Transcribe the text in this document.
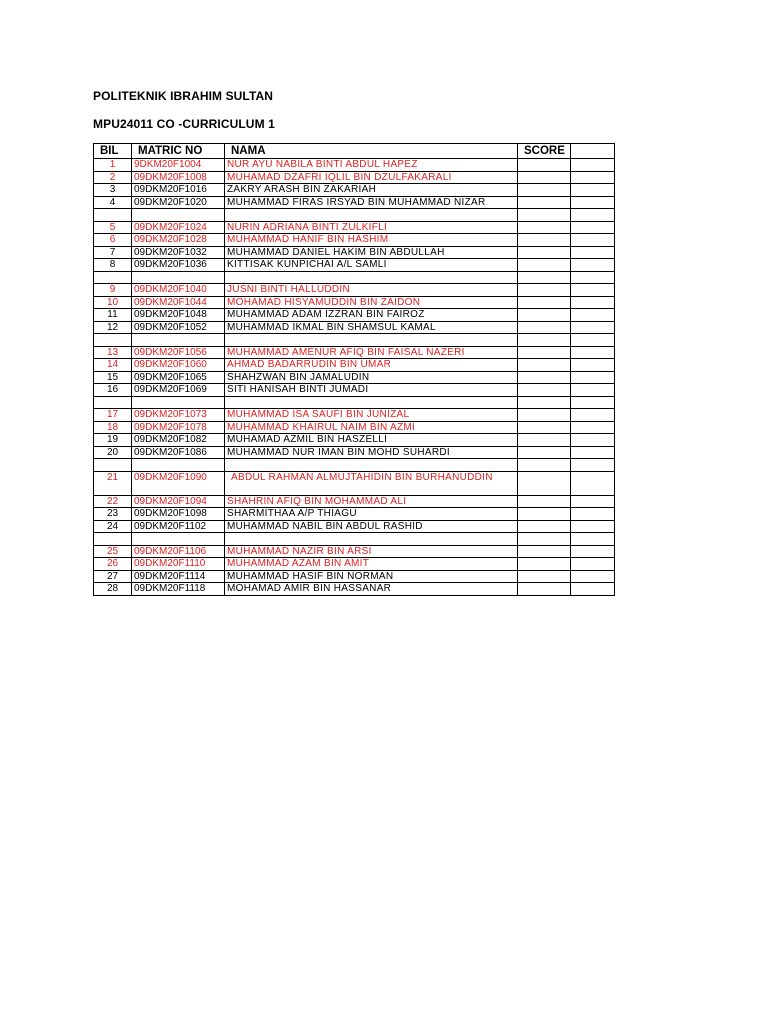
POLITEKNIK IBRAHIM SULTAN
MPU24011 CO -CURRICULUM 1
BIL	MATRIC NO	NAMA	SCORE	
1	9DKM20F1004	NUR AYU NABILA BINTI ABDUL HAPEZ		
2	09DKM20F1008	MUHAMAD DZAFRI IQLIL BIN DZULFAKARALI		
3	09DKM20F1016	ZAKRY ARASH BIN ZAKARIAH		
4	09DKM20F1020	MUHAMMAD FIRAS IRSYAD BIN MUHAMMAD NIZAR		

5	09DKM20F1024	NURIN ADRIANA BINTI ZULKIFLI		
6	09DKM20F1028	MUHAMMAD HANIF BIN HASHIM		
7	09DKM20F1032	MUHAMMAD DANIEL HAKIM BIN ABDULLAH		
8	09DKM20F1036	KITTISAK KUNPICHAI A/L SAMLI		

9	09DKM20F1040	JUSNI BINTI HALLUDDIN		
10	09DKM20F1044	MOHAMAD HISYAMUDDIN BIN ZAIDON		
11	09DKM20F1048	MUHAMMAD ADAM IZZRAN BIN FAIROZ		
12	09DKM20F1052	MUHAMMAD IKMAL BIN SHAMSUL KAMAL		

13	09DKM20F1056	MUHAMMAD AMENUR AFIQ BIN FAISAL NAZERI		
14	09DKM20F1060	AHMAD BADARRUDIN BIN UMAR		
15	09DKM20F1065	SHAHZWAN BIN JAMALUDIN		
16	09DKM20F1069	SITI HANISAH BINTI JUMADI		

17	09DKM20F1073	MUHAMMAD ISA SAUFI BIN JUNIZAL		
18	09DKM20F1078	MUHAMMAD KHAIRUL NAIM BIN AZMI		
19	09DKM20F1082	MUHAMAD AZMIL BIN HASZELLI		
20	09DKM20F1086	MUHAMMAD NUR IMAN BIN MOHD SUHARDI		

21	09DKM20F1090	ABDUL RAHMAN ALMUJTAHIDIN BIN BURHANUDDIN		
22	09DKM20F1094	SHAHRIN AFIQ BIN MOHAMMAD ALI		
23	09DKM20F1098	SHARMITHAA A/P THIAGU		
24	09DKM20F1102	MUHAMMAD NABIL BIN ABDUL RASHID		

25	09DKM20F1106	MUHAMMAD NAZIR BIN ARSI		
26	09DKM20F1110	MUHAMMAD AZAM BIN AMIT		
27	09DKM20F1114	MUHAMMAD HASIF BIN NORMAN		
28	09DKM20F1118	MOHAMAD AMIR BIN HASSANAR		
